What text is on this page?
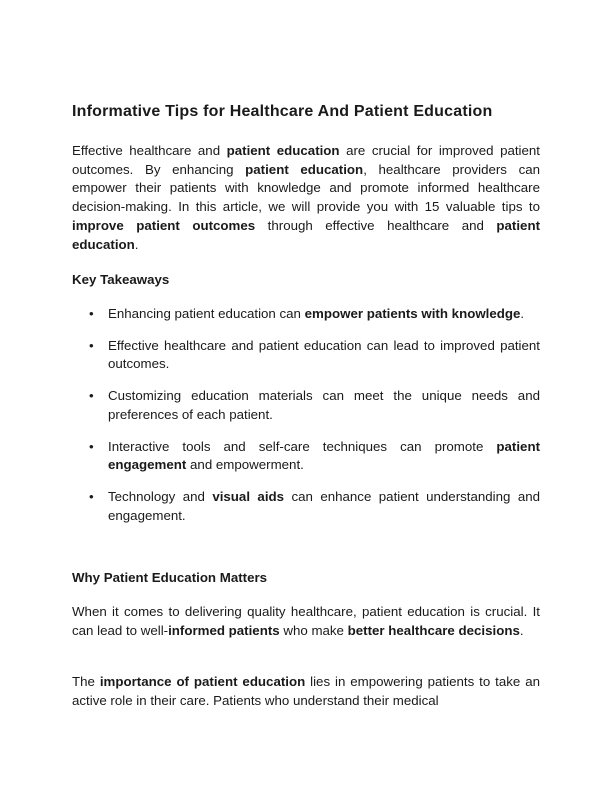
Informative Tips for Healthcare And Patient Education

Effective healthcare and patient education are crucial for improved patient outcomes. By enhancing patient education, healthcare providers can empower their patients with knowledge and promote informed healthcare decision-making. In this article, we will provide you with 15 valuable tips to improve patient outcomes through effective healthcare and patient education.

Key Takeaways
• Enhancing patient education can empower patients with knowledge.
• Effective healthcare and patient education can lead to improved patient outcomes.
• Customizing education materials can meet the unique needs and preferences of each patient.
• Interactive tools and self-care techniques can promote patient engagement and empowerment.
• Technology and visual aids can enhance patient understanding and engagement.
Why Patient Education Matters

When it comes to delivering quality healthcare, patient education is crucial. It can lead to well-informed patients who make better healthcare decisions.

The importance of patient education lies in empowering patients to take an active role in their care. Patients who understand their medical
